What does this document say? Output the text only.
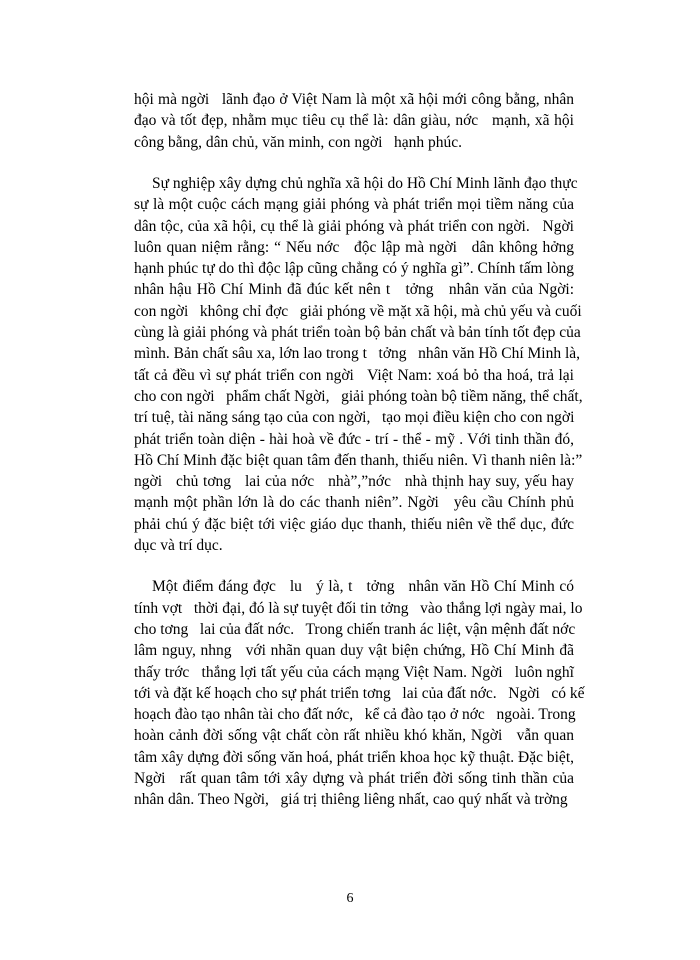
hội mà ngời   lãnh đạo ở Việt Nam là một xã hội mới công bằng, nhân

đạo và tốt đẹp, nhằm mục tiêu cụ thể là: dân giàu, nớc   mạnh, xã hội

công bằng, dân chủ, văn minh, con ngời   hạnh phúc.

Sự nghiệp xây dựng chủ nghĩa xã hội do Hồ Chí Minh lãnh đạo thực

sự là một cuộc cách mạng giải phóng và phát triển mọi tiềm năng của

dân tộc, của xã hội, cụ thể là giải phóng và phát triển con ngời.   Ngời

luôn quan niệm rằng: “ Nếu nớc   độc lập mà ngời   dân không hởng

hạnh phúc tự do thì độc lập cũng chẳng có ý nghĩa gì”. Chính tấm lòng

nhân hậu Hồ Chí Minh đã đúc kết nên t   tởng   nhân văn của Ngời:

con ngời   không chỉ đợc   giải phóng về mặt xã hội, mà chủ yếu và cuối

cùng là giải phóng và phát triển toàn bộ bản chất và bản tính tốt đẹp của

mình. Bản chất sâu xa, lớn lao trong t   tởng   nhân văn Hồ Chí Minh là,

tất cả đều vì sự phát triển con ngời   Việt Nam: xoá bỏ tha hoá, trả lại

cho con ngời   phẩm chất Ngời,   giải phóng toàn bộ tiềm năng, thể chất,

trí tuệ, tài năng sáng tạo của con ngời,   tạo mọi điều kiện cho con ngời

phát triển toàn diện - hài hoà về đức - trí - thể - mỹ . Với tinh thần đó,

Hồ Chí Minh đặc biệt quan tâm đến thanh, thiếu niên. Vì thanh niên là:”

ngời   chủ tơng   lai của nớc   nhà”,”nớc   nhà thịnh hay suy, yếu hay

mạnh một phần lớn là do các thanh niên”. Ngời   yêu cầu Chính phủ

phải chú ý đặc biệt tới việc giáo dục thanh, thiếu niên về thể dục, đức

dục và trí dục.

Một điểm đáng đợc   lu   ý là, t   tởng   nhân văn Hồ Chí Minh có

tính vợt   thời đại, đó là sự tuyệt đối tin tởng   vào thắng lợi ngày mai, lo

cho tơng   lai của đất nớc.   Trong chiến tranh ác liệt, vận mệnh đất nớc

lâm nguy, nhng   với nhãn quan duy vật biện chứng, Hồ Chí Minh đã

thấy trớc   thắng lợi tất yếu của cách mạng Việt Nam. Ngời   luôn nghĩ

tới và đặt kế hoạch cho sự phát triển tơng   lai của đất nớc.   Ngời   có kế

hoạch đào tạo nhân tài cho đất nớc,   kể cả đào tạo ở nớc   ngoài. Trong

hoàn cảnh đời sống vật chất còn rất nhiều khó khăn, Ngời   vẫn quan

tâm xây dựng đời sống văn hoá, phát triển khoa học kỹ thuật. Đặc biệt,

6

Ngời   rất quan tâm tới xây dựng và phát triển đời sống tinh thần của

nhân dân. Theo Ngời,   giá trị thiêng liêng nhất, cao quý nhất và trờng
